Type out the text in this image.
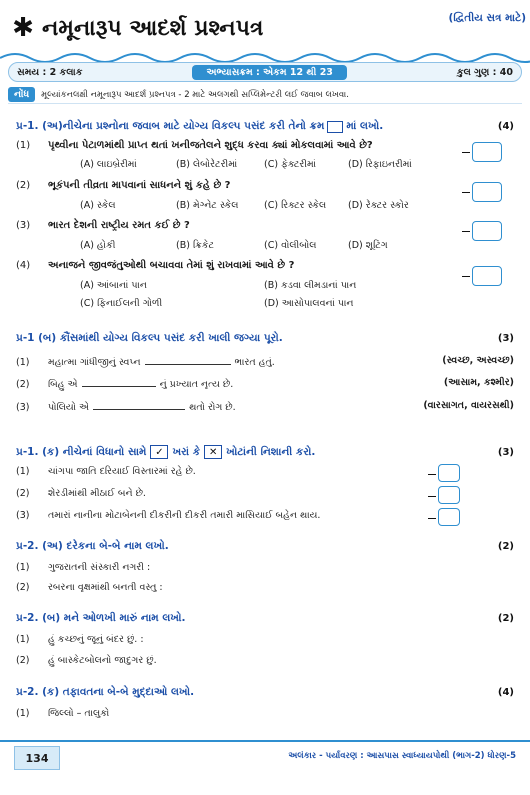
✱ નમૂનારૂપ આદર્શ પ્રશ્નપત્ર	(દ્વિતીય સત્ર માટે)
સમય : 2 કલાક	અભ્યાસક્રમ : એકમ 12 થી 23	કુલ ગુણ : 40
નોંધ	મૂલ્યાંકનલક્ષી નમૂનારૂપ આદર્શ પ્રશ્નપત્ર - 2 માટે અલગથી સપ્લિમેન્ટરી લઈ જવાબ લખવા.
પ્ર-1. (અ)નીચેના પ્રશ્નોના જવાબ માટે યોગ્ય વિકલ્પ પસંદ કરી તેનો ક્રમ માં લખો.	(4)
(1)	પૃથ્વીના પેટાળમાંથી પ્રાપ્ત થતાં ખનીજતેલને શુદ્ધ કરવા ક્યાં મોકલવામાં આવે છે?
(A) લાઇબ્રેરીમાં	(B) લેબોરેટરીમાં	(C) ફેક્ટરીમાં	(D) રિફાઇનરીમાં
(2)	ભૂકંપની તીવ્રતા માપવાનાં સાધનને શું કહે છે ?
(A) સ્કેલ	(B) મેગ્નેટ સ્કેલ	(C) રિક્ટર સ્કેલ	(D) રેક્ટર સ્કોર
(3)	ભારત દેશની રાષ્ટ્રીય રમત કઈ છે ?
(A) હોકી	(B) ક્રિકેટ	(C) વોલીબોલ	(D) શૂટિંગ
(4)	અનાજને જીવજંતુઓથી બચાવવા તેમાં શું રાખવામાં આવે છે ?
(A) આંબાનાં પાન	(B) કડવા લીમડાનાં પાન
(C) ફિનાઈલની ગોળી	(D) આસોપાલવનાં પાન
પ્ર-1 (બ) કૌંસમાંથી યોગ્ય વિકલ્પ પસંદ કરી ખાલી જગ્યા પૂરો.	(3)
(1)	મહાત્મા ગાંધીજીનું સ્વપ્ન	ભારત હતું.	(સ્વચ્છ, અસ્વચ્છ)
(2)	બિહુ એ	નું પ્રખ્યાત નૃત્ય છે.	(આસામ, કશ્મીર)
(3)	પોલિયો એ	થતો રોગ છે.	(વારસાગત, વાયરસથી)
પ્ર-1. (ક) નીચેનાં વિધાનો સામે ✓ ખરાં કે ✕ ખોટાંની નિશાની કરો.	(3)
(1)	ચાંગપા જાતિ દરિયાઈ વિસ્તારમાં રહે છે.
(2)	શેરડીમાંથી મીઠાઈ બને છે.
(3)	તમારાં નાનીના મોટાબેનની દીકરીની દીકરી તમારી માસિયાઈ બહેન થાય.
પ્ર-2. (અ) દરેકના બે-બે નામ લખો.	(2)
(1)	ગુજરાતની સંસ્કારી નગરી :
(2)	રબરના વૃક્ષમાંથી બનતી વસ્તુ :
પ્ર-2. (બ) મને ઓળખી મારું નામ લખો.	(2)
(1)	હું કચ્છનું જૂનું બંદર છું. :
(2)	હું બાસ્કેટબોલનો જાદુગર છું.
પ્ર-2. (ક) તફાવતના બે-બે મુદ્દાઓ લખો.	(4)
(1)	જિલ્લો – તાલુકો
134	અલંકાર - પર્યાવરણ : આસપાસ સ્વાધ્યાયપોથી (ભાગ-2) ધોરણ-5
